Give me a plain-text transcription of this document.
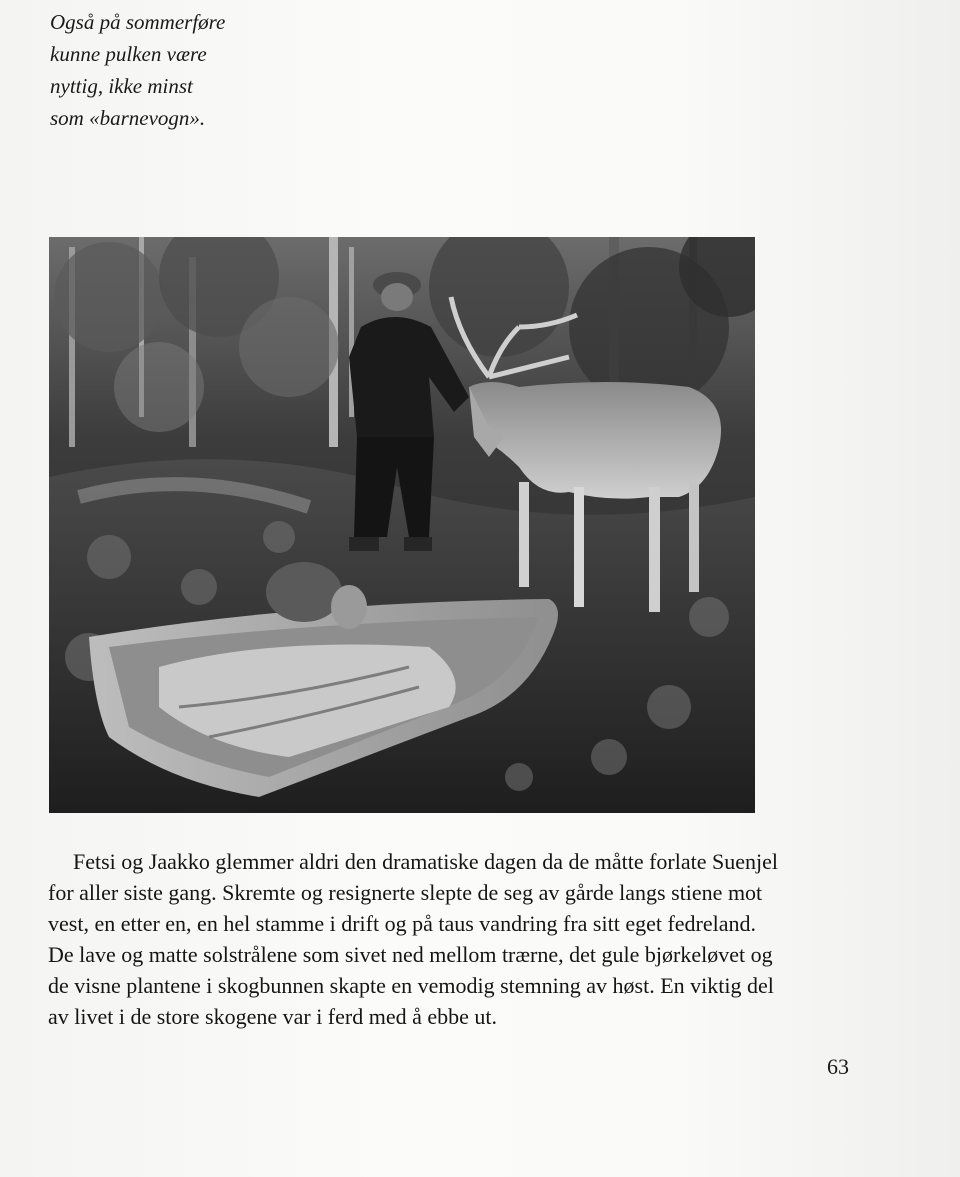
Også på sommerføre
kunne pulken være
nyttig, ikke minst
som «barnevogn».
Fetsi og Jaakko glemmer aldri den dramatiske dagen da de måtte forlate Suenjel
for aller siste gang. Skremte og resignerte slepte de seg av gårde langs stiene mot
vest, en etter en, en hel stamme i drift og på taus vandring fra sitt eget fedreland.
De lave og matte solstrålene som sivet ned mellom trærne, det gule bjørkeløvet og
de visne plantene i skogbunnen skapte en vemodig stemning av høst. En viktig del
av livet i de store skogene var i ferd med å ebbe ut.
63
